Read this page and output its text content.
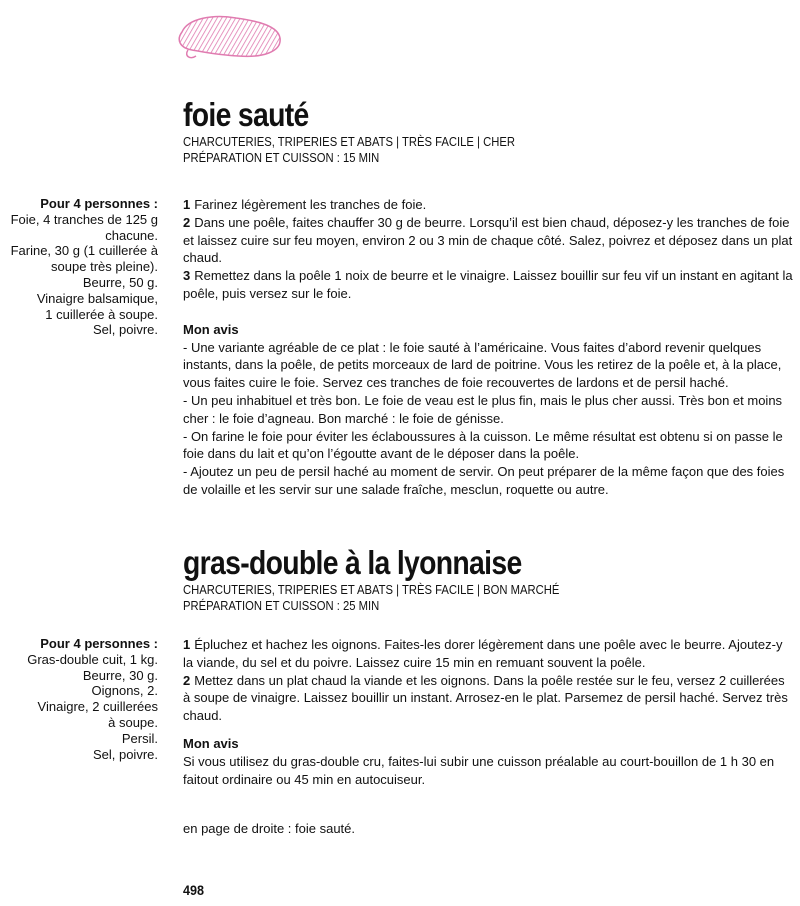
foie sauté
CHARCUTERIES, TRIPERIES ET ABATS | TRÈS FACILE | CHER
PRÉPARATION ET CUISSON : 15 MIN
Pour 4 personnes :
Foie, 4 tranches de 125 g
chacune.
Farine, 30 g (1 cuillerée à
soupe très pleine).
Beurre, 50 g.
Vinaigre balsamique,
1 cuillerée à soupe.
Sel, poivre.

1 Farinez légèrement les tranches de foie.

2 Dans une poêle, faites chauffer 30 g de beurre. Lorsqu’il est bien chaud, déposez-y les tranches de foie et laissez cuire sur feu moyen, environ 2 ou 3 min de chaque côté. Salez, poivrez et déposez dans un plat chaud.

3 Remettez dans la poêle 1 noix de beurre et le vinaigre. Laissez bouillir sur feu vif un instant en agitant la poêle, puis versez sur le foie.

Mon avis

- Une variante agréable de ce plat : le foie sauté à l’américaine. Vous faites d’abord revenir quelques instants, dans la poêle, de petits morceaux de lard de poitrine. Vous les retirez de la poêle et, à la place, vous faites cuire le foie. Servez ces tranches de foie recouvertes de lardons et de persil haché.

- Un peu inhabituel et très bon. Le foie de veau est le plus fin, mais le plus cher aussi. Très bon et moins cher : le foie d’agneau. Bon marché : le foie de génisse.

- On farine le foie pour éviter les éclaboussures à la cuisson. Le même résultat est obtenu si on passe le foie dans du lait et qu’on l’égoutte avant de le déposer dans la poêle.

- Ajoutez un peu de persil haché au moment de servir. On peut préparer de la même façon que des foies de volaille et les servir sur une salade fraîche, mesclun, roquette ou autre.

gras-double à la lyonnaise
CHARCUTERIES, TRIPERIES ET ABATS | TRÈS FACILE | BON MARCHÉ
PRÉPARATION ET CUISSON : 25 MIN
Pour 4 personnes :
Gras-double cuit, 1 kg.
Beurre, 30 g.
Oignons, 2.
Vinaigre, 2 cuillerées
à soupe.
Persil.
Sel, poivre.

1 Épluchez et hachez les oignons. Faites-les dorer légèrement dans une poêle avec le beurre. Ajoutez-y la viande, du sel et du poivre. Laissez cuire 15 min en remuant souvent la poêle.

2 Mettez dans un plat chaud la viande et les oignons. Dans la poêle restée sur le feu, versez 2 cuillerées à soupe de vinaigre. Laissez bouillir un instant. Arrosez-en le plat. Parsemez de persil haché. Servez très chaud.

Mon avis

Si vous utilisez du gras-double cru, faites-lui subir une cuisson préalable au court-bouillon de 1 h 30 en faitout ordinaire ou 45 min en autocuiseur.

en page de droite : foie sauté.
498
